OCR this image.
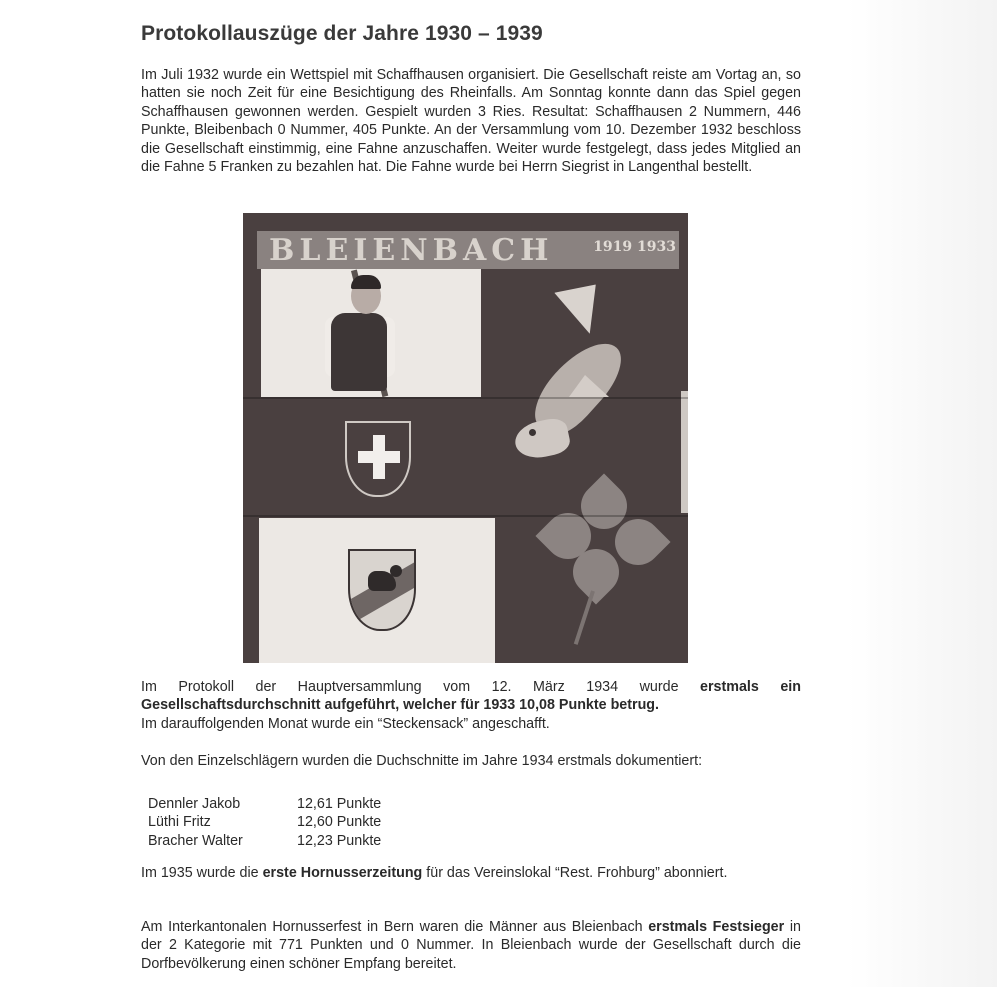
Protokollauszüge der Jahre 1930 – 1939

Im Juli 1932 wurde ein Wettspiel mit Schaffhausen organisiert. Die Gesellschaft reiste am Vortag an, so hatten sie noch Zeit für eine Besichtigung des Rheinfalls. Am Sonntag konnte dann das Spiel gegen Schaffhausen gewonnen werden. Gespielt wurden 3 Ries. Resultat: Schaffhausen 2 Nummern, 446 Punkte, Bleibenbach 0 Nummer, 405 Punkte. An der Versammlung vom 10. Dezember 1932 beschloss die Gesellschaft einstimmig, eine Fahne anzuschaffen. Weiter wurde festgelegt, dass jedes Mitglied an die Fahne 5 Franken zu bezahlen hat. Die Fahne wurde bei Herrn Siegrist in Langenthal bestellt.

BLEIENBACH	1919 1933

Im Protokoll der Hauptversammlung vom 12. März 1934 wurde erstmals ein Gesellschaftsdurchschnitt aufgeführt, welcher für 1933 10,08 Punkte betrug.
Im darauffolgenden Monat wurde ein “Steckensack” angeschafft.

Von den Einzelschlägern wurden die Duchschnitte im Jahre 1934 erstmals dokumentiert:

Dennler Jakob	12,61 Punkte
Lüthi Fritz	12,60 Punkte
Bracher Walter	12,23 Punkte

Im 1935 wurde die erste Hornusserzeitung für das Vereinslokal “Rest. Frohburg” abonniert.

Am Interkantonalen Hornusserfest in Bern waren die Männer aus Bleienbach erstmals Festsieger in der 2 Kategorie mit 771 Punkten und 0 Nummer. In Bleienbach wurde der Gesellschaft durch die Dorfbevölkerung einen schöner Empfang bereitet.
